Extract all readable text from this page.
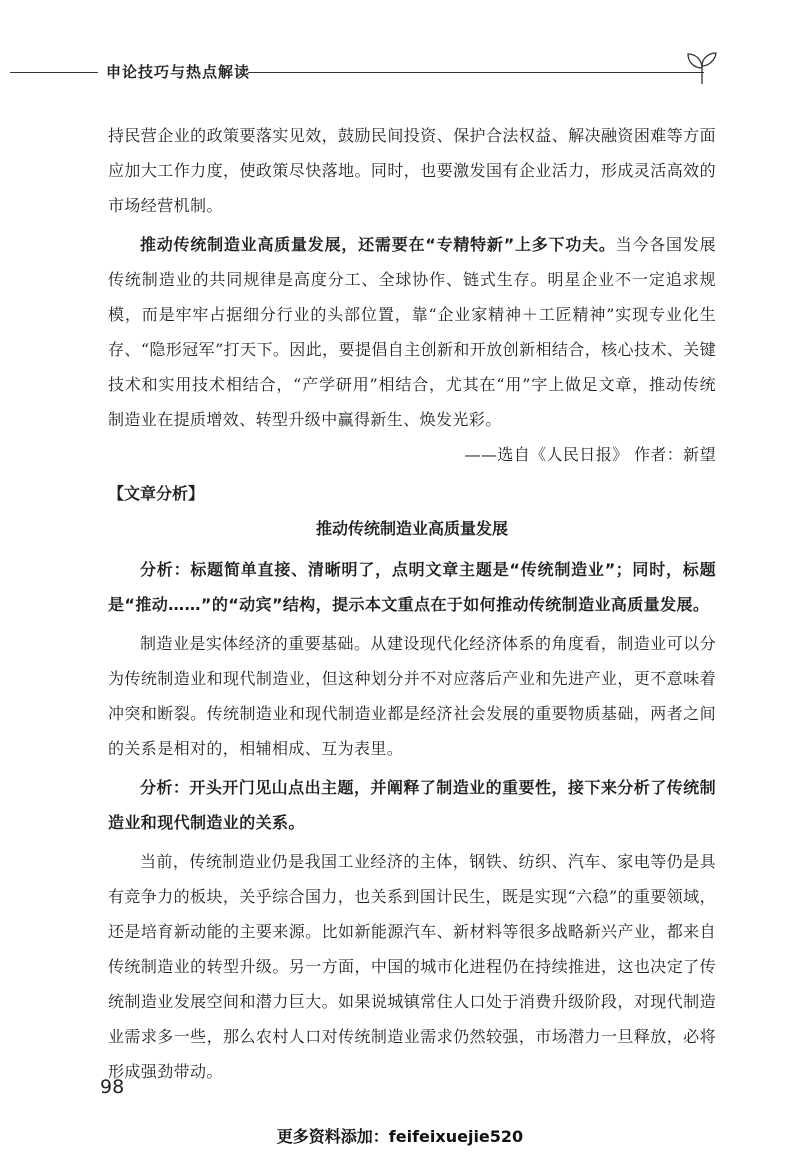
申论技巧与热点解读

持民营企业的政策要落实见效，鼓励民间投资、保护合法权益、解决融资困难等方面应加大工作力度，使政策尽快落地。同时，也要激发国有企业活力，形成灵活高效的市场经营机制。

推动传统制造业高质量发展，还需要在“专精特新”上多下功夫。当今各国发展传统制造业的共同规律是高度分工、全球协作、链式生存。明星企业不一定追求规模，而是牢牢占据细分行业的头部位置，靠“企业家精神＋工匠精神”实现专业化生存、“隐形冠军”打天下。因此，要提倡自主创新和开放创新相结合，核心技术、关键技术和实用技术相结合，“产学研用”相结合，尤其在“用”字上做足文章，推动传统制造业在提质增效、转型升级中赢得新生、焕发光彩。

——选自《人民日报》 作者：新望

【文章分析】
推动传统制造业高质量发展

分析：标题简单直接、清晰明了，点明文章主题是“传统制造业”；同时，标题是“推动……”的“动宾”结构，提示本文重点在于如何推动传统制造业高质量发展。

制造业是实体经济的重要基础。从建设现代化经济体系的角度看，制造业可以分为传统制造业和现代制造业，但这种划分并不对应落后产业和先进产业，更不意味着冲突和断裂。传统制造业和现代制造业都是经济社会发展的重要物质基础，两者之间的关系是相对的，相辅相成、互为表里。

分析：开头开门见山点出主题，并阐释了制造业的重要性，接下来分析了传统制造业和现代制造业的关系。

当前，传统制造业仍是我国工业经济的主体，钢铁、纺织、汽车、家电等仍是具有竞争力的板块，关乎综合国力，也关系到国计民生，既是实现“六稳”的重要领域，还是培育新动能的主要来源。比如新能源汽车、新材料等很多战略新兴产业，都来自传统制造业的转型升级。另一方面，中国的城市化进程仍在持续推进，这也决定了传统制造业发展空间和潜力巨大。如果说城镇常住人口处于消费升级阶段，对现代制造业需求多一些，那么农村人口对传统制造业需求仍然较强，市场潜力一旦释放，必将形成强劲带动。

98
更多资料添加：feifeixuejie520
